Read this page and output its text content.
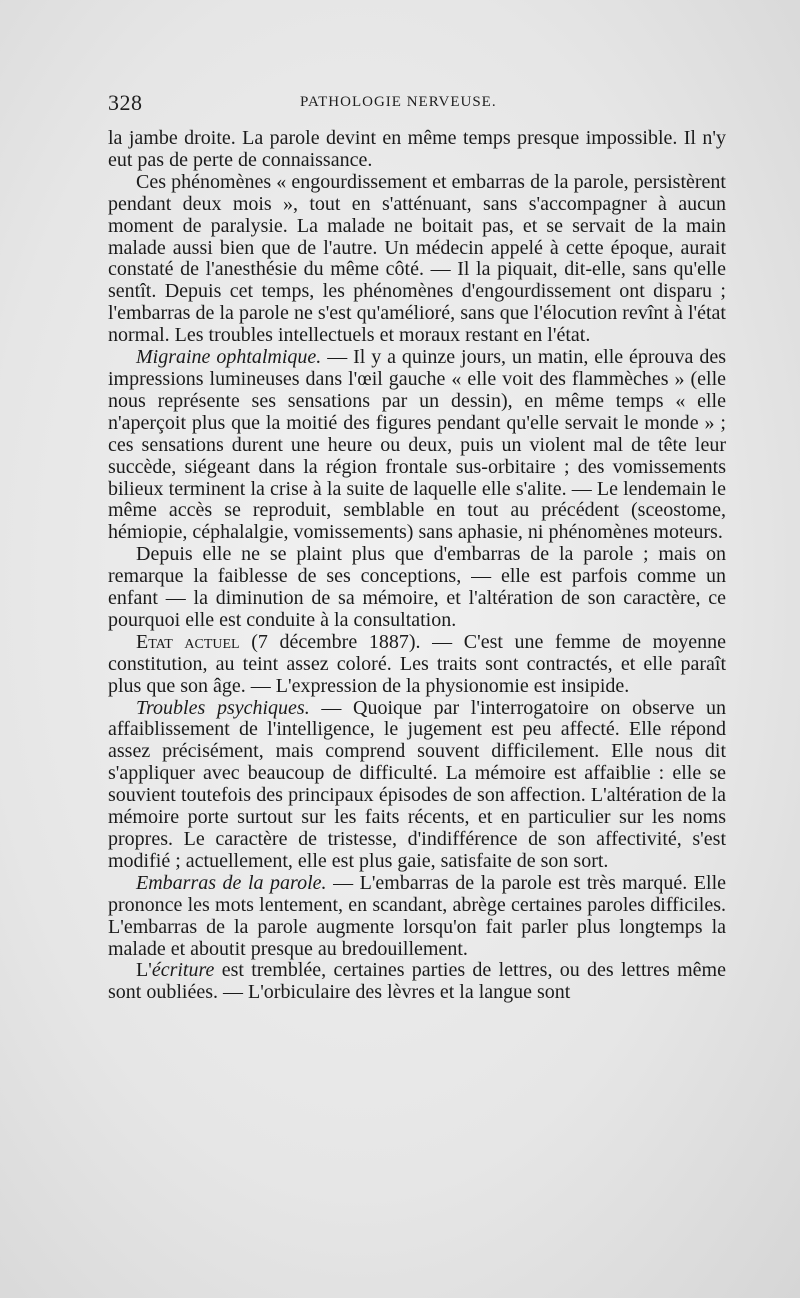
328	PATHOLOGIE NERVEUSE.

la jambe droite. La parole devint en même temps presque impossible. Il n'y eut pas de perte de connaissance.

Ces phénomènes « engourdissement et embarras de la parole, persistèrent pendant deux mois », tout en s'atténuant, sans s'accompagner à aucun moment de paralysie. La malade ne boitait pas, et se servait de la main malade aussi bien que de l'autre. Un médecin appelé à cette époque, aurait constaté de l'anesthésie du même côté. — Il la piquait, dit-elle, sans qu'elle sentît. Depuis cet temps, les phénomènes d'engourdissement ont disparu ; l'embarras de la parole ne s'est qu'amélioré, sans que l'élocution revînt à l'état normal. Les troubles intellectuels et moraux restant en l'état.

Migraine ophtalmique. — Il y a quinze jours, un matin, elle éprouva des impressions lumineuses dans l'œil gauche « elle voit des flammèches » (elle nous représente ses sensations par un dessin), en même temps « elle n'aperçoit plus que la moitié des figures pendant qu'elle servait le monde » ; ces sensations durent une heure ou deux, puis un violent mal de tête leur succède, siégeant dans la région frontale sus-orbitaire ; des vomissements bilieux terminent la crise à la suite de laquelle elle s'alite. — Le lendemain le même accès se reproduit, semblable en tout au précédent (sceostome, hémiopie, céphalalgie, vomissements) sans aphasie, ni phénomènes moteurs.

Depuis elle ne se plaint plus que d'embarras de la parole ; mais on remarque la faiblesse de ses conceptions, — elle est parfois comme un enfant — la diminution de sa mémoire, et l'altération de son caractère, ce pourquoi elle est conduite à la consultation.

Etat actuel (7 décembre 1887). — C'est une femme de moyenne constitution, au teint assez coloré. Les traits sont contractés, et elle paraît plus que son âge. — L'expression de la physionomie est insipide.

Troubles psychiques. — Quoique par l'interrogatoire on observe un affaiblissement de l'intelligence, le jugement est peu affecté. Elle répond assez précisément, mais comprend souvent difficilement. Elle nous dit s'appliquer avec beaucoup de difficulté. La mémoire est affaiblie : elle se souvient toutefois des principaux épisodes de son affection. L'altération de la mémoire porte surtout sur les faits récents, et en particulier sur les noms propres. Le caractère de tristesse, d'indifférence de son affectivité, s'est modifié ; actuellement, elle est plus gaie, satisfaite de son sort.

Embarras de la parole. — L'embarras de la parole est très marqué. Elle prononce les mots lentement, en scandant, abrège certaines paroles difficiles. L'embarras de la parole augmente lorsqu'on fait parler plus longtemps la malade et aboutit presque au bredouillement.

L'écriture est tremblée, certaines parties de lettres, ou des lettres même sont oubliées. — L'orbiculaire des lèvres et la langue sont
